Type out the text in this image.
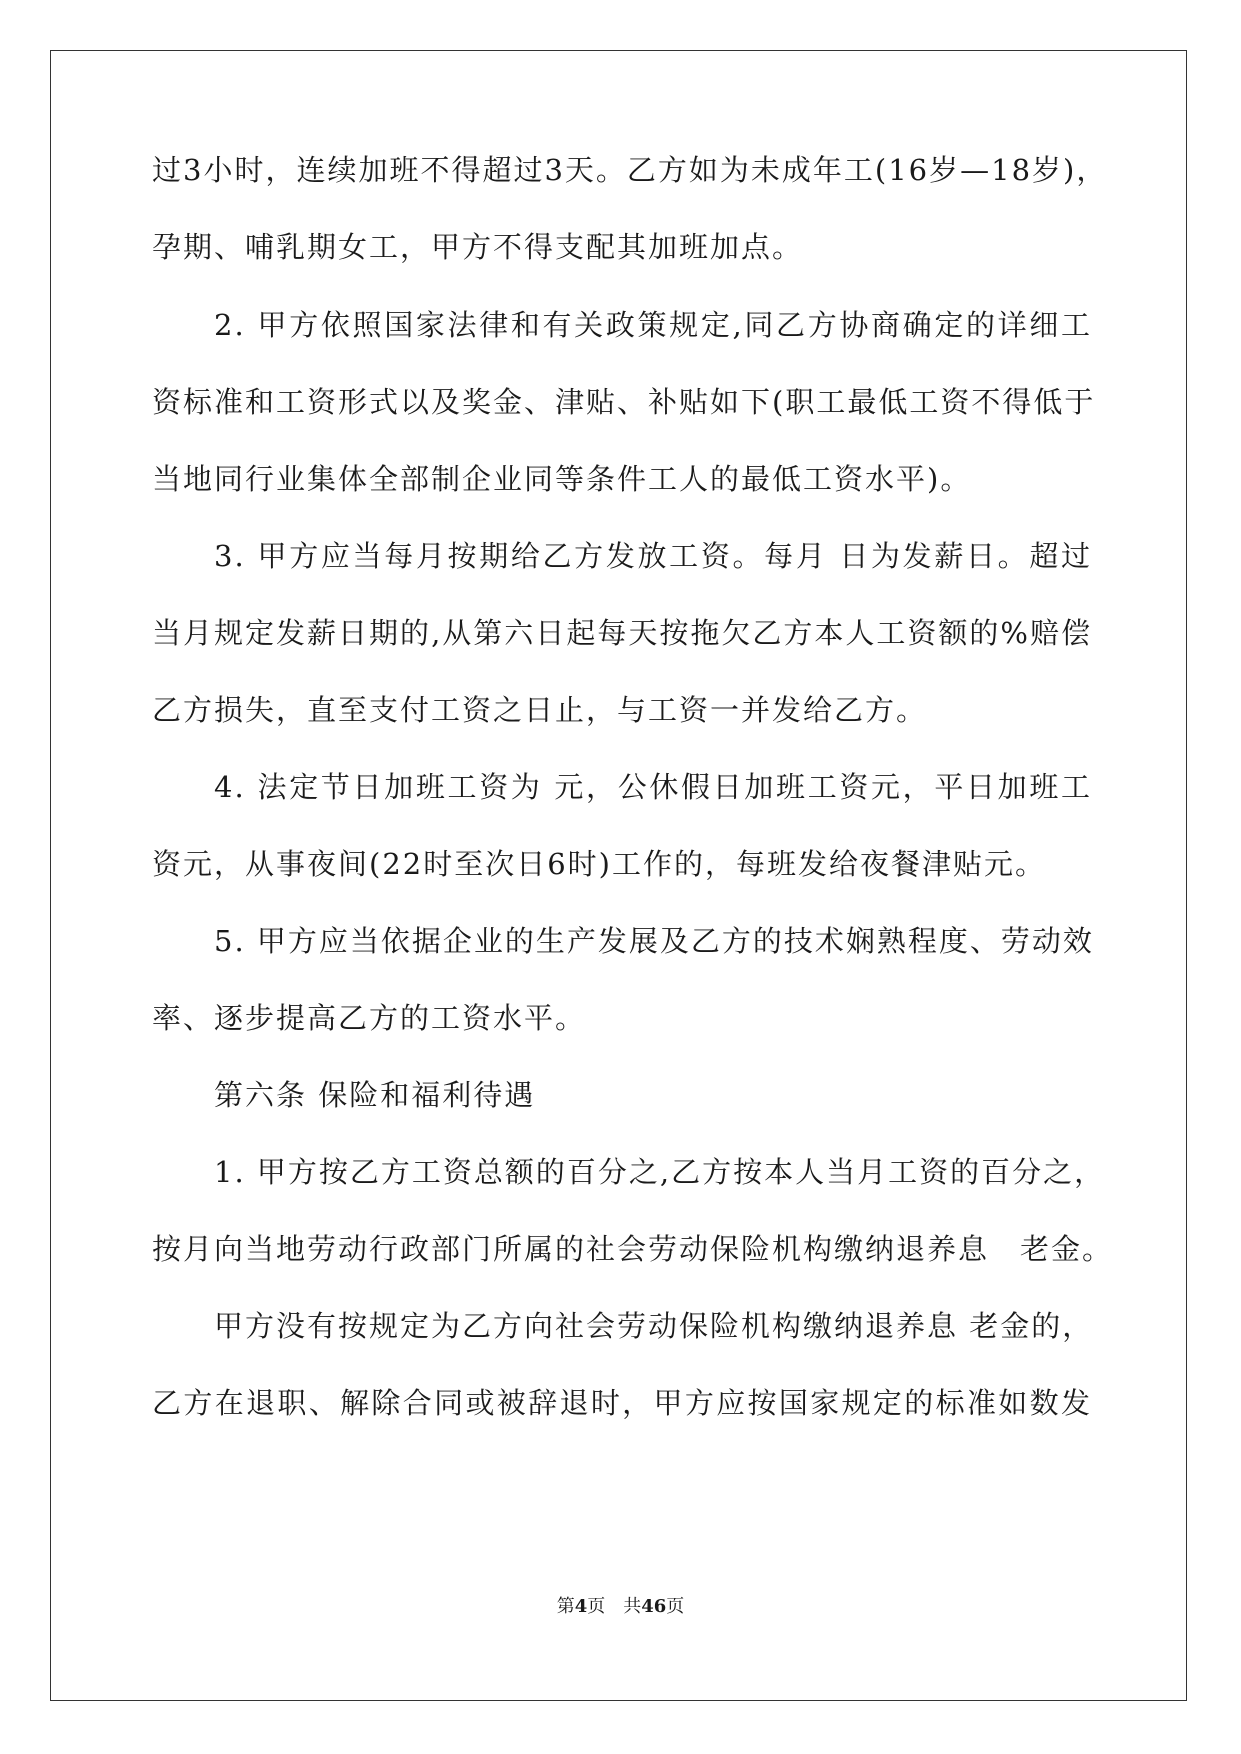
过3小时，连续加班不得超过3天。乙方如为未成年工(16岁—18岁)，
孕期、哺乳期女工，甲方不得支配其加班加点。
2. 甲方依照国家法律和有关政策规定,同乙方协商确定的详细工
资标准和工资形式以及奖金、津贴、补贴如下(职工最低工资不得低于
当地同行业集体全部制企业同等条件工人的最低工资水平)。
3. 甲方应当每月按期给乙方发放工资。每月 日为发薪日。超过
当月规定发薪日期的,从第六日起每天按拖欠乙方本人工资额的%赔偿
乙方损失，直至支付工资之日止，与工资一并发给乙方。
4. 法定节日加班工资为 元，公休假日加班工资元，平日加班工
资元，从事夜间(22时至次日6时)工作的，每班发给夜餐津贴元。
5. 甲方应当依据企业的生产发展及乙方的技术娴熟程度、劳动效
率、逐步提高乙方的工资水平。
第六条 保险和福利待遇
1. 甲方按乙方工资总额的百分之,乙方按本人当月工资的百分之，
按月向当地劳动行政部门所属的社会劳动保险机构缴纳退养息　老金。
甲方没有按规定为乙方向社会劳动保险机构缴纳退养息 老金的，
乙方在退职、解除合同或被辞退时，甲方应按国家规定的标准如数发
第4页　共46页
